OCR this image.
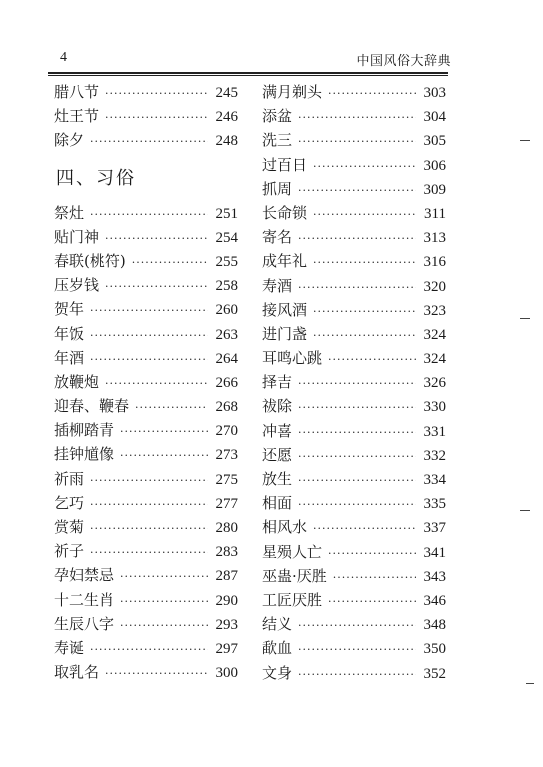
4	中国风俗大辞典
腊八节 ·····	245
灶王节 ·····	246
除夕 ·····	248
四、习俗
祭灶 ·····	251
贴门神 ·····	254
春联(桃符) ·····	255
压岁钱 ·····	258
贺年 ·····	260
年饭 ·····	263
年酒 ·····	264
放鞭炮 ·····	266
迎春、鞭春 ·····	268
插柳踏青 ·····	270
挂钟馗像 ·····	273
祈雨 ·····	275
乞巧 ·····	277
赏菊 ·····	280
祈子 ·····	283
孕妇禁忌 ·····	287
十二生肖 ·····	290
生辰八字 ·····	293
寿诞 ·····	297
取乳名 ·····	300
满月剃头 ·····	303
添盆 ·····	304
洗三 ·····	305
过百日 ·····	306
抓周 ·····	309
长命锁 ·····	311
寄名 ·····	313
成年礼 ·····	316
寿酒 ·····	320
接风酒 ·····	323
进门盏 ·····	324
耳鸣心跳 ·····	324
择吉 ·····	326
祓除 ·····	330
冲喜 ·····	331
还愿 ·····	332
放生 ·····	334
相面 ·····	335
相风水 ·····	337
星殒人亡 ·····	341
巫蛊·厌胜 ·····	343
工匠厌胜 ·····	346
结义 ·····	348
歃血 ·····	350
文身 ·····	352
